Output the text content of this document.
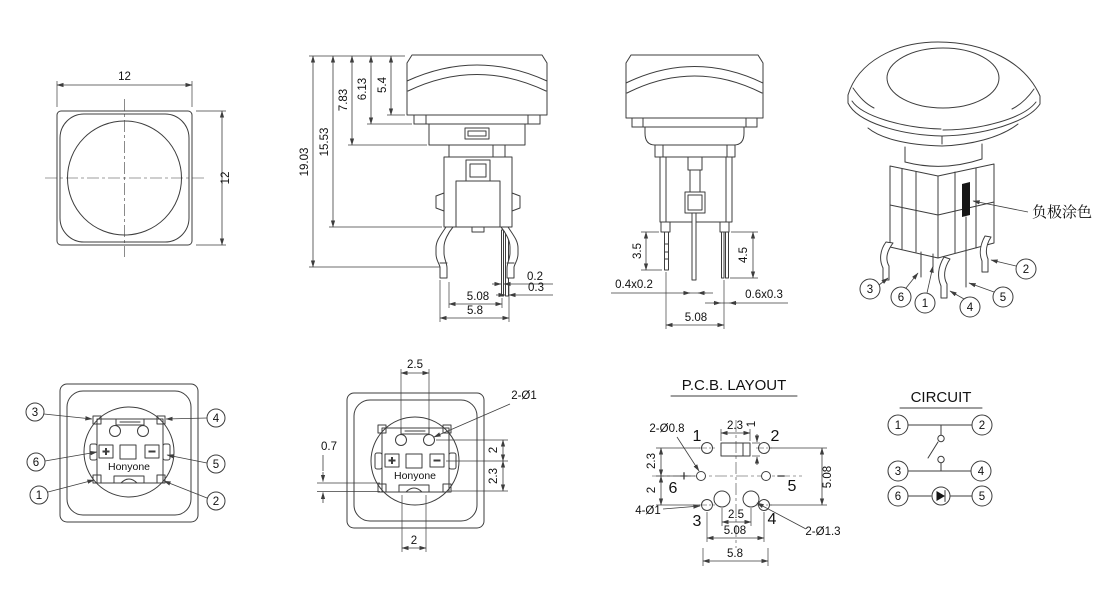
12
12
19.03
15.53
7.83 6.13 5.4
0.2
0.3
5.08
5.8
3.5	4.5
0.4x0.2
0.6x0.3
5.08
3
6 1	4
5
2
负极涂色
Honyone
3	4
6	5
1	2
Honyone
2.5
2-Ø1
0.7	2
2.3
2
P.C.B. LAYOUT
1	2
6	5
3	4
+	−
2-Ø0.8	2.3 1
2.3
2
4-Ø1	2.5
5.08
5.8
2-Ø1.3
5.08
CIRCUIT
1	2
3	4
6	5
